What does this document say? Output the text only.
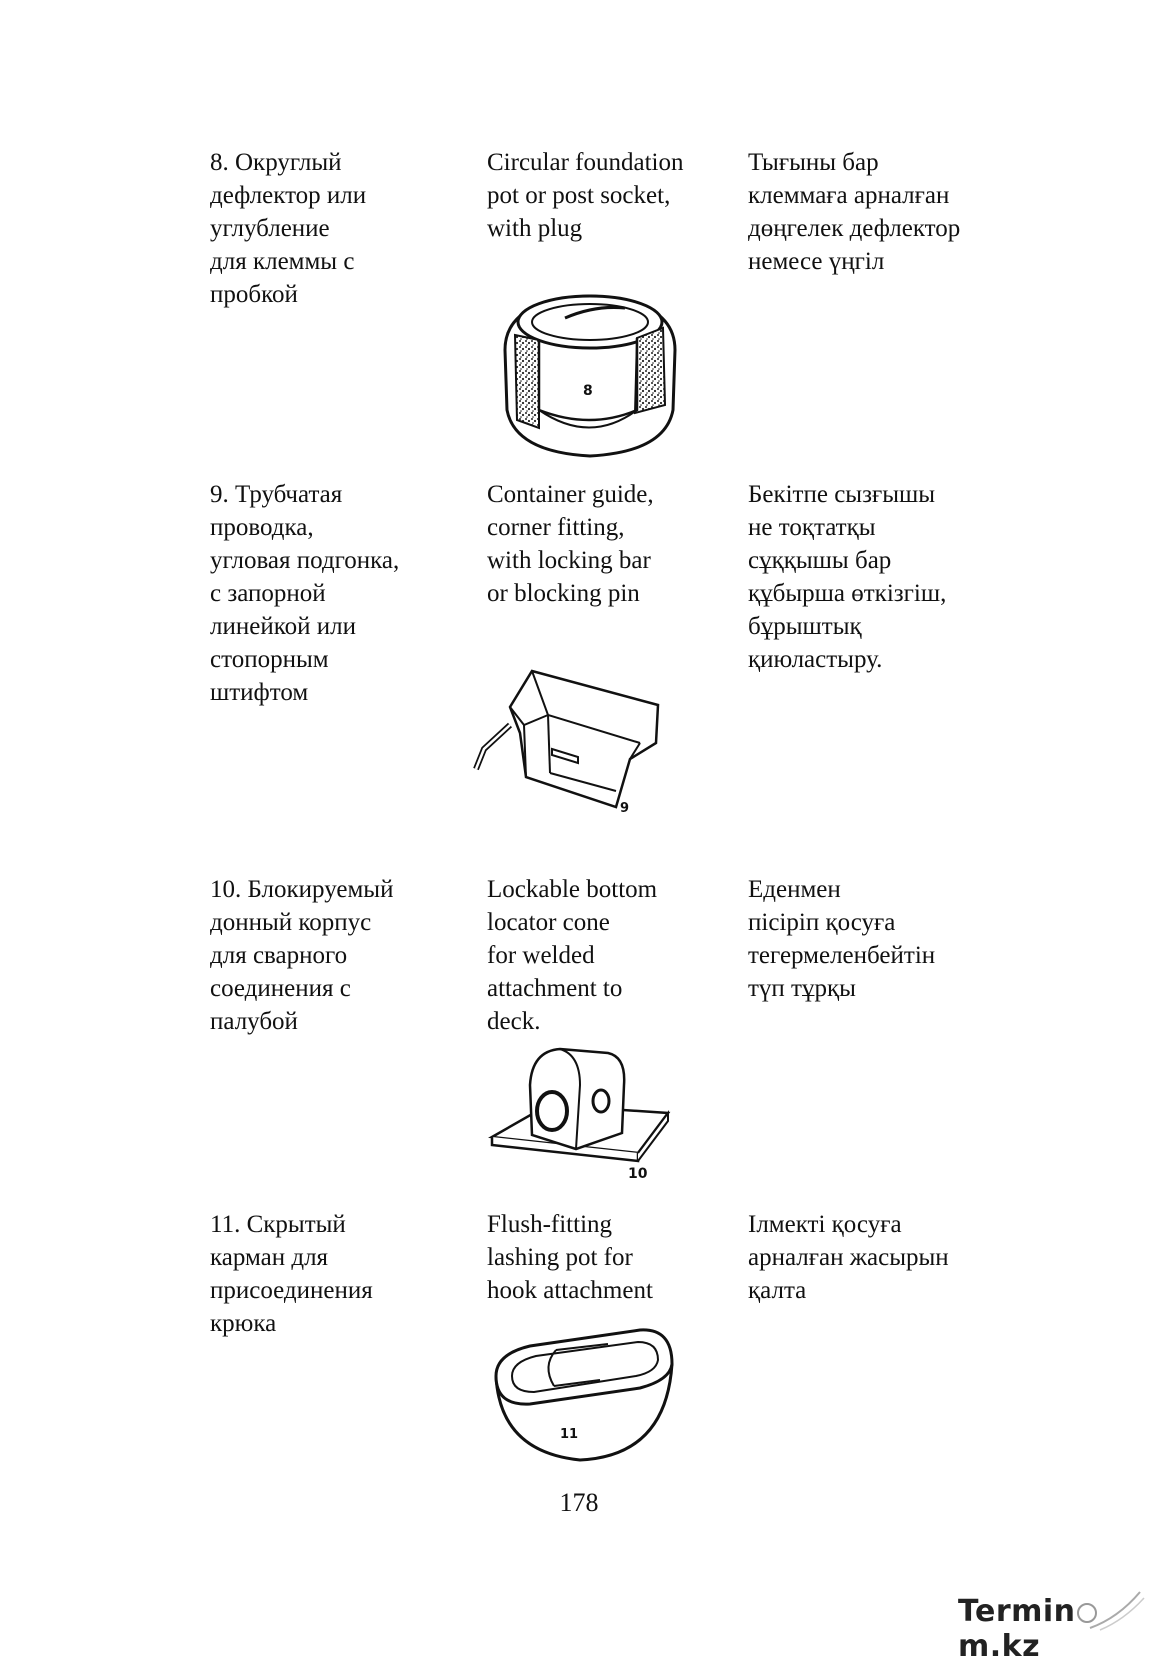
8. Округлый
дефлектор или
углубление
для клеммы с
пробкой
Circular foundation
pot or post socket,
with plug
Тығыны бар
клеммаға арналған
дөңгелек дефлектор
немесе үңгіл
8
9. Трубчатая
проводка,
угловая подгонка,
с запорной
линейкой или
стопорным
штифтом
Container guide,
corner fitting,
with locking bar
or blocking pin
Бекітпе сызғышы
не тоқтатқы
сұққышы бар
құбырша өткізгіш,
бұрыштық
қиюластыру.
9
10. Блокируемый
донный корпус
для сварного
соединения с
палубой
Lockable bottom
locator cone
for welded
attachment to
deck.
Еденмен
пісіріп қосуға
тегермеленбейтін
түп тұрқы
10
11. Скрытый
карман для
присоединения
крюка
Flush-fitting
lashing pot for
hook attachment
Ілмекті қосуға
арналған жасырын
қалта
11
178
Terminm.kz
